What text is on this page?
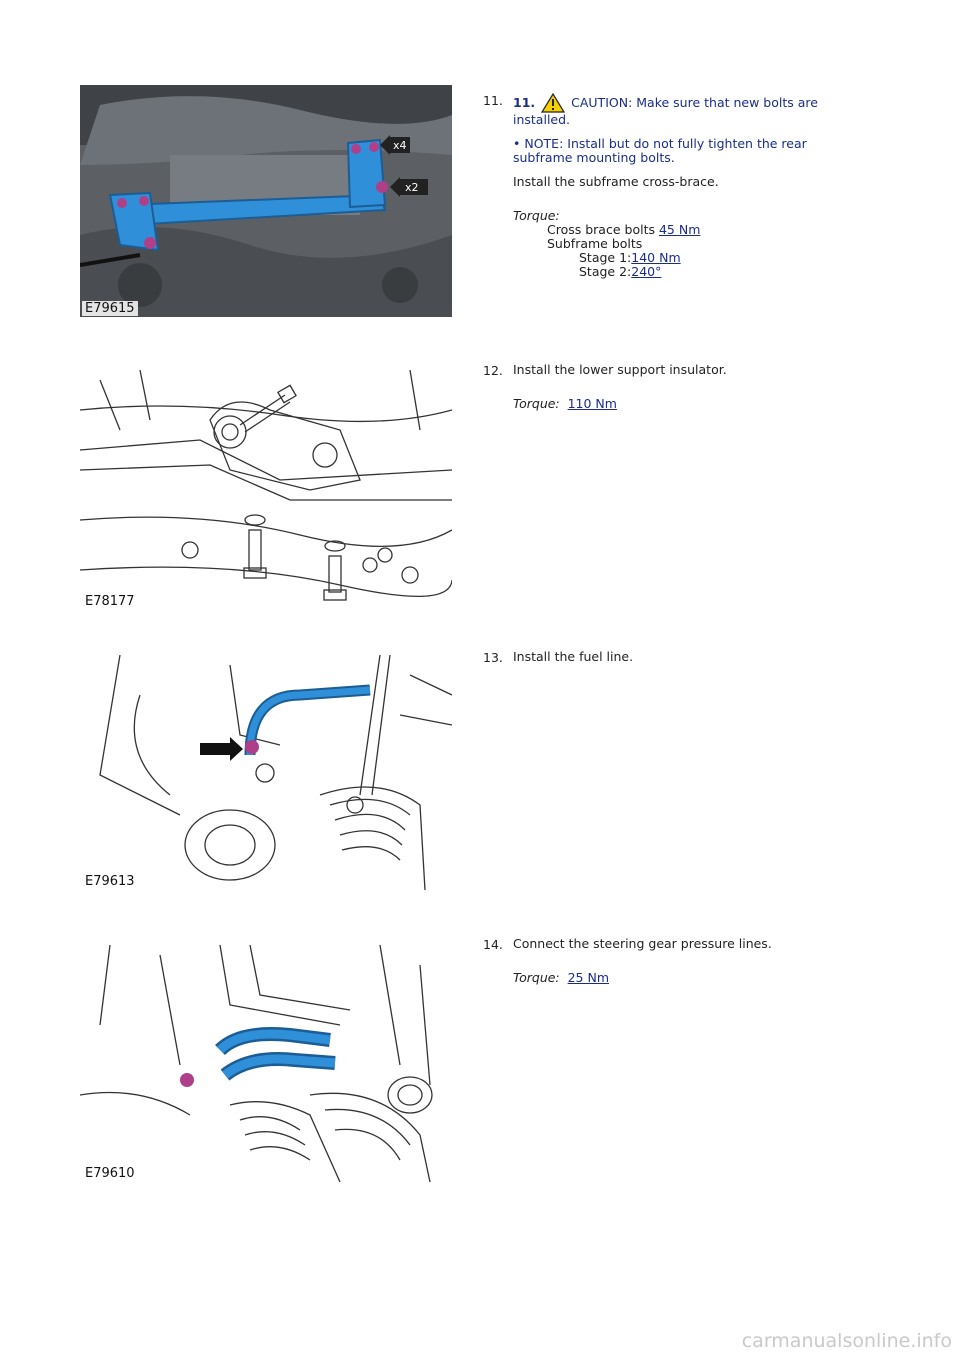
x4
x2
E79615
11. 11.	CAUTION: Make sure that new bolts are installed.

• NOTE: Install but do not fully tighten the rear subframe mounting bolts.

Install the subframe cross-brace.

Torque:

Cross brace bolts 45 Nm

Subframe bolts

Stage 1:140 Nm

Stage 2:240°

E78177
12. Install the lower support insulator.

Torque: 110 Nm

E79613
13. Install the fuel line.

E79610
14. Connect the steering gear pressure lines.

Torque: 25 Nm

carmanualsonline.info
